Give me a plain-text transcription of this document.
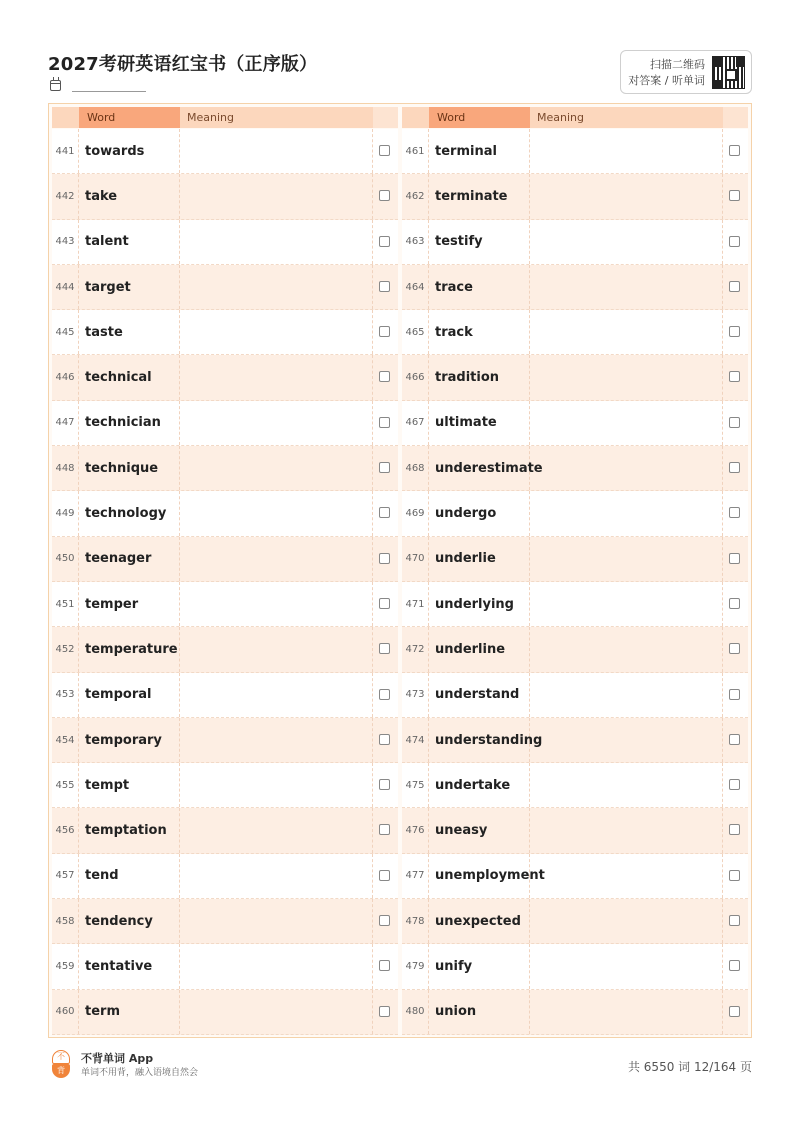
2027考研英语红宝书（正序版）	扫描二维码
对答案 / 听单词
Word	Meaning
441 towards
442 take
443 talent
444 target
445 taste
446 technical
447 technician
448 technique
449 technology
450 teenager
451 temper
452 temperature
453 temporal
454 temporary
455 tempt
456 temptation
457 tend
458 tendency
459 tentative
460 term
Word	Meaning
461 terminal
462 terminate
463 testify
464 trace
465 track
466 tradition
467 ultimate
468 underestimate
469 undergo
470 underlie
471 underlying
472 underline
473 understand
474 understanding
475 undertake
476 uneasy
477 unemployment
478 unexpected
479 unify
480 union
不
背
不背单词 App
单词不用背，融入语境自然会	共 6550 词 12/164 页
